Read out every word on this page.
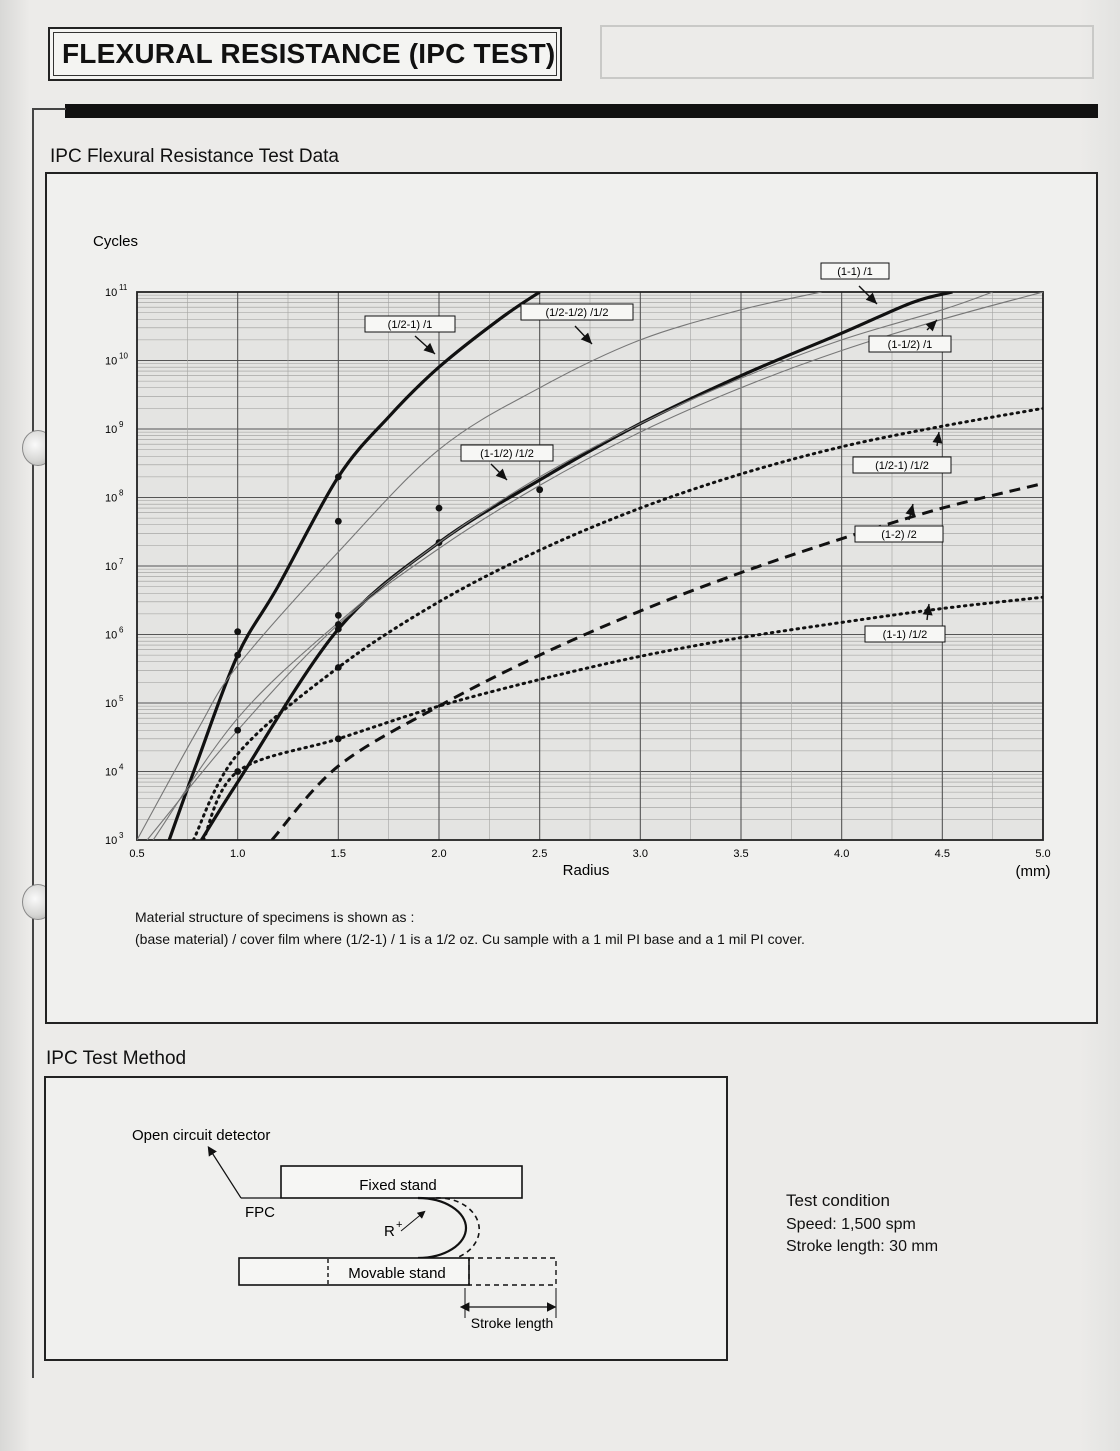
FLEXURAL RESISTANCE (IPC TEST)
IPC Flexural Resistance Test Data
Cycles
Radius	(mm)
0.5	1.0	1.5	2.0	2.5	3.0	3.5	4.0	4.5	5.0
10 11
10 10
10 9
10 8
10 7
10 6
10 5
10 4
10 3
(1/2-1) /1
(1/2-1/2) /1/2
(1-1) /1
(1-1/2) /1
(1-1/2) /1/2
(1/2-1) /1/2
(1-2) /2
(1-1) /1/2
Material structure of specimens is shown as :
(base material) / cover film where (1/2-1) / 1 is a 1/2 oz. Cu sample with a 1 mil PI base and a 1 mil PI cover.
IPC Test Method
Open circuit detector
FPC
Fixed stand
R +
Movable stand
Stroke length
Test condition
Speed: 1,500 spm
Stroke length: 30 mm
